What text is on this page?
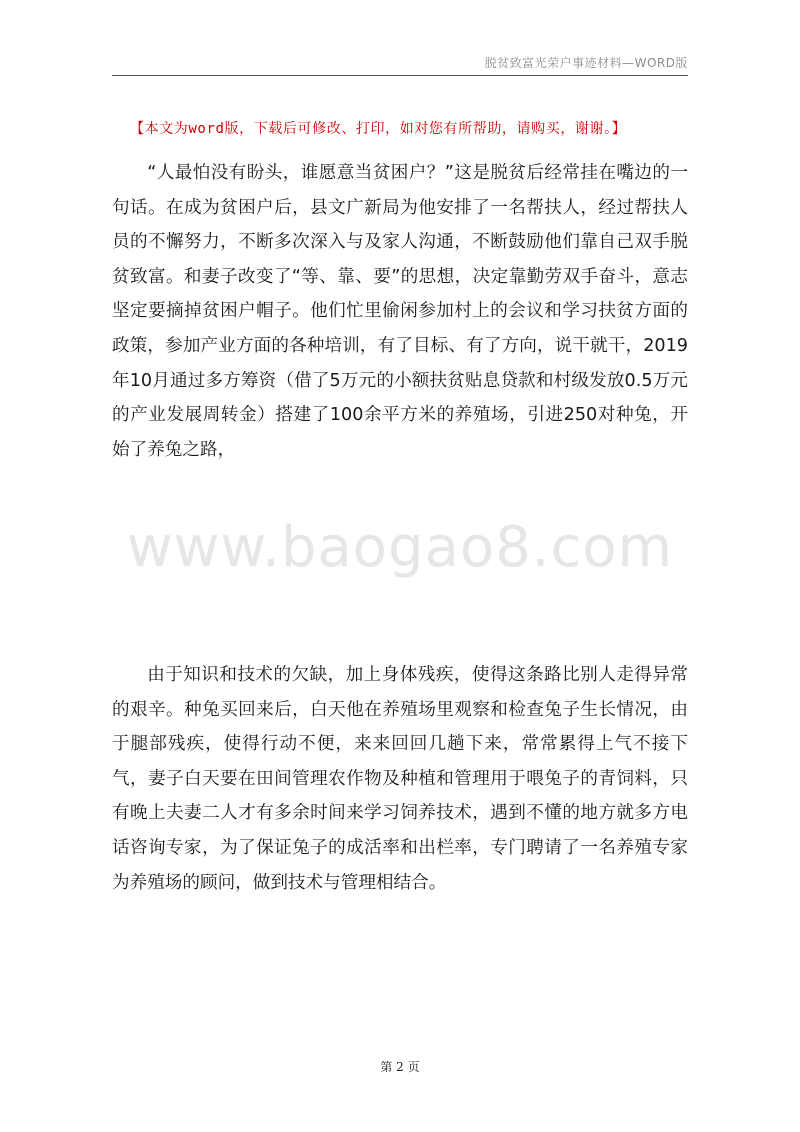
脱贫致富光荣户事迹材料—WORD版
【本文为word版，下载后可修改、打印，如对您有所帮助，请购买，谢谢。】

“人最怕没有盼头，谁愿意当贫困户？”这是脱贫后经常挂在嘴边的一句话。在成为贫困户后，县文广新局为他安排了一名帮扶人，经过帮扶人员的不懈努力，不断多次深入与及家人沟通，不断鼓励他们靠自己双手脱贫致富。和妻子改变了“等、靠、要”的思想，决定靠勤劳双手奋斗，意志坚定要摘掉贫困户帽子。他们忙里偷闲参加村上的会议和学习扶贫方面的政策，参加产业方面的各种培训，有了目标、有了方向，说干就干，2019年10月通过多方筹资（借了5万元的小额扶贫贴息贷款和村级发放0.5万元的产业发展周转金）搭建了100余平方米的养殖场，引进250对种兔，开始了养兔之路，

www.baogao8.com

由于知识和技术的欠缺，加上身体残疾，使得这条路比别人走得异常的艰辛。种兔买回来后，白天他在养殖场里观察和检查兔子生长情况，由于腿部残疾，使得行动不便，来来回回几趟下来，常常累得上气不接下气，妻子白天要在田间管理农作物及种植和管理用于喂兔子的青饲料，只有晚上夫妻二人才有多余时间来学习饲养技术，遇到不懂的地方就多方电话咨询专家，为了保证兔子的成活率和出栏率，专门聘请了一名养殖专家为养殖场的顾问，做到技术与管理相结合。

第 2 页
